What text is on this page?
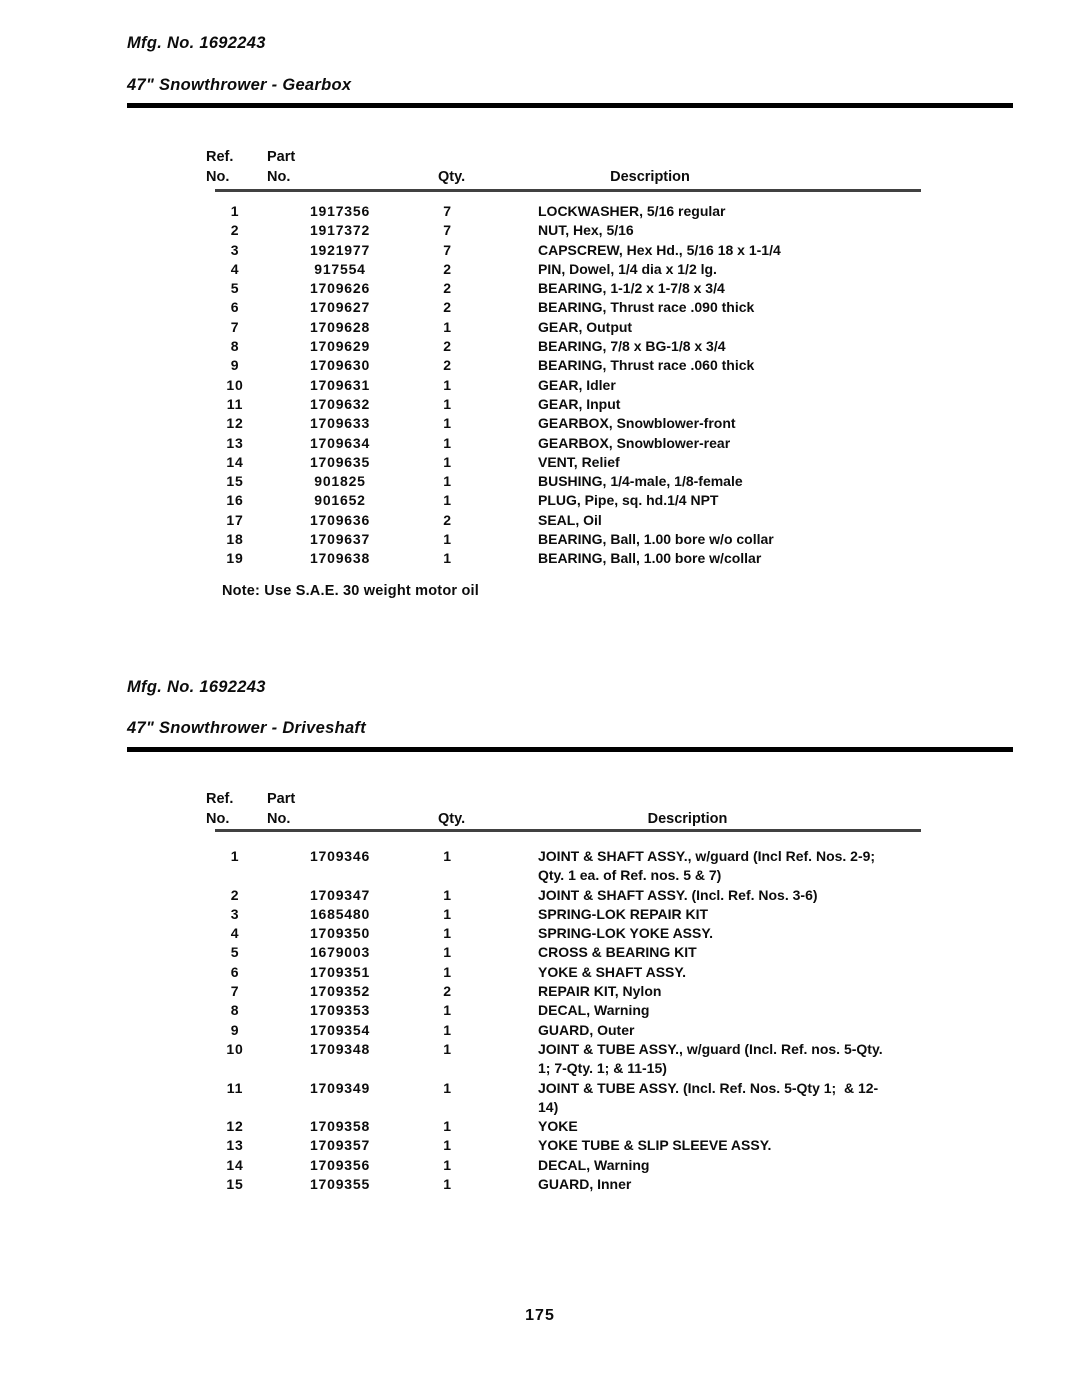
Mfg. No. 1692243
47" Snowthrower - Gearbox
Ref.	Part
No.	No.	Qty.	Description
1	1917356	7	LOCKWASHER, 5/16 regular
2	1917372	7	NUT, Hex, 5/16
3	1921977	7	CAPSCREW, Hex Hd., 5/16 18 x 1-1/4
4	917554	2	PIN, Dowel, 1/4 dia x 1/2 lg.
5	1709626	2	BEARING, 1-1/2 x 1-7/8 x 3/4
6	1709627	2	BEARING, Thrust race .090 thick
7	1709628	1	GEAR, Output
8	1709629	2	BEARING, 7/8 x BG-1/8 x 3/4
9	1709630	2	BEARING, Thrust race .060 thick
10	1709631	1	GEAR, Idler
11	1709632	1	GEAR, Input
12	1709633	1	GEARBOX, Snowblower-front
13	1709634	1	GEARBOX, Snowblower-rear
14	1709635	1	VENT, Relief
15	901825	1	BUSHING, 1/4-male, 1/8-female
16	901652	1	PLUG, Pipe, sq. hd.1/4 NPT
17	1709636	2	SEAL, Oil
18	1709637	1	BEARING, Ball, 1.00 bore w/o collar
19	1709638	1	BEARING, Ball, 1.00 bore w/collar
Note: Use S.A.E. 30 weight motor oil
Mfg. No. 1692243
47" Snowthrower - Driveshaft
Ref.	Part
No.	No.	Qty.	Description
1	1709346	1	JOINT & SHAFT ASSY., w/guard (Incl Ref. Nos. 2-9;
Qty. 1 ea. of Ref. nos. 5 & 7)
2	1709347	1	JOINT & SHAFT ASSY. (Incl. Ref. Nos. 3-6)
3	1685480	1	SPRING-LOK REPAIR KIT
4	1709350	1	SPRING-LOK YOKE ASSY.
5	1679003	1	CROSS & BEARING KIT
6	1709351	1	YOKE & SHAFT ASSY.
7	1709352	2	REPAIR KIT, Nylon
8	1709353	1	DECAL, Warning
9	1709354	1	GUARD, Outer
10	1709348	1	JOINT & TUBE ASSY., w/guard (Incl. Ref. nos. 5-Qty.
1; 7-Qty. 1; & 11-15)
11	1709349	1	JOINT & TUBE ASSY. (Incl. Ref. Nos. 5-Qty 1;  & 12-
14)
12	1709358	1	YOKE
13	1709357	1	YOKE TUBE & SLIP SLEEVE ASSY.
14	1709356	1	DECAL, Warning
15	1709355	1	GUARD, Inner
175
